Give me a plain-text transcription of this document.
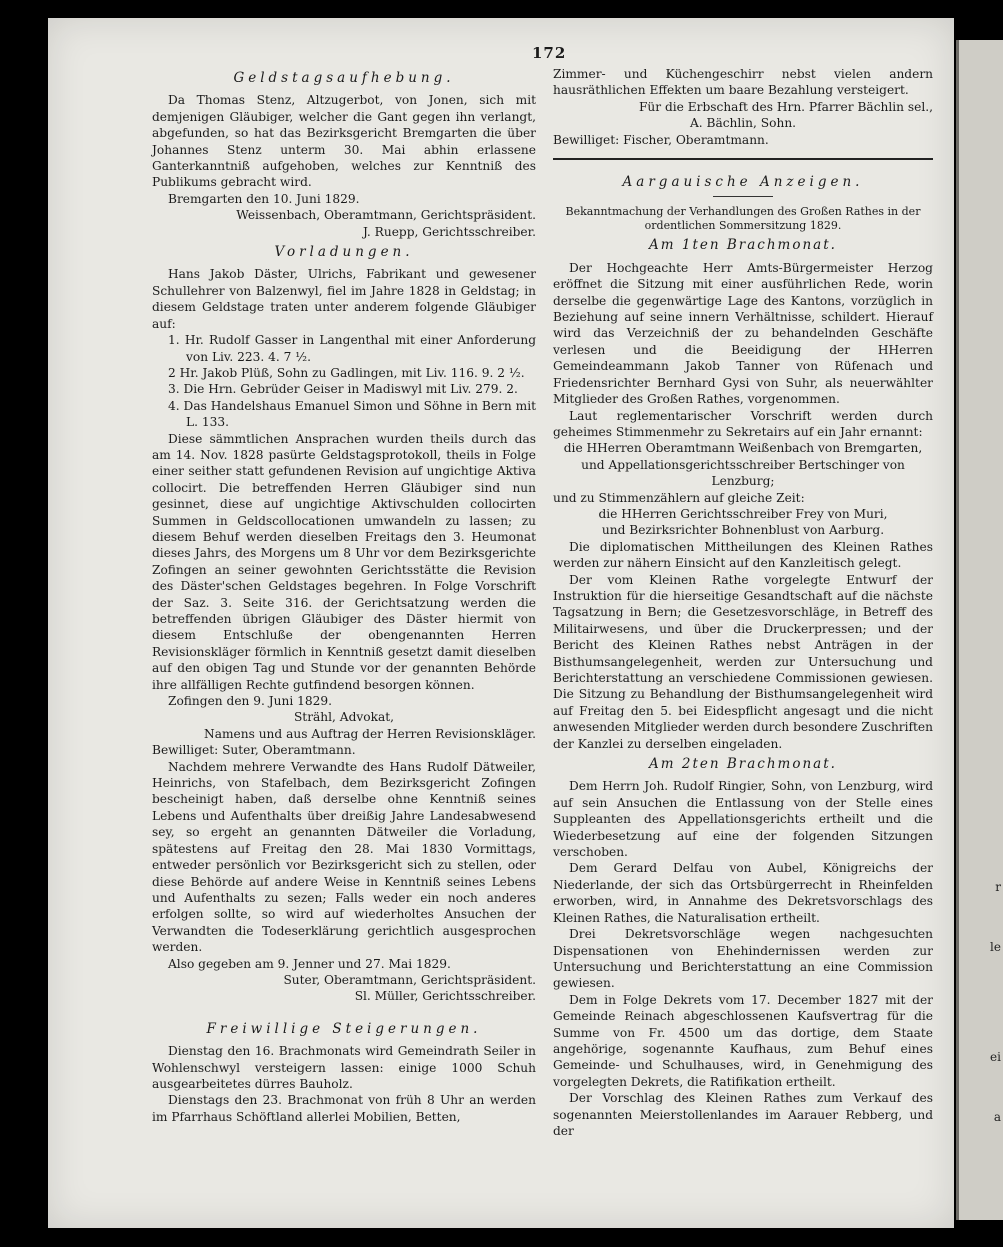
r
le
ei
a
172

Geldstagsaufhebung.

Da Thomas Stenz, Altzugerbot, von Jonen, sich mit demjenigen Gläubiger, welcher die Gant gegen ihn verlangt, abgefunden, so hat das Bezirksgericht Bremgarten die über Johannes Stenz unterm 30. Mai abhin erlassene Ganterkanntniß aufgehoben, welches zur Kenntniß des Publikums gebracht wird.

Bremgarten den 10. Juni 1829.

Weissenbach, Oberamtmann, Gerichtspräsident.

J. Ruepp, Gerichtsschreiber.

Vorladungen.

Hans Jakob Däster, Ulrichs, Fabrikant und gewesener Schullehrer von Balzenwyl, fiel im Jahre 1828 in Geldstag; in diesem Geldstage traten unter anderem folgende Gläubiger auf:

1. Hr. Rudolf Gasser in Langenthal mit einer Anforderung von Liv. 223. 4. 7 ½.

2 Hr. Jakob Plüß, Sohn zu Gadlingen, mit Liv. 116. 9. 2 ½.

3. Die Hrn. Gebrüder Geiser in Madiswyl mit Liv. 279. 2.

4. Das Handelshaus Emanuel Simon und Söhne in Bern mit L. 133.

Diese sämmtlichen Ansprachen wurden theils durch das am 14. Nov. 1828 pasürte Geldstagsprotokoll, theils in Folge einer seither statt gefundenen Revision auf ungichtige Aktiva collocirt. Die betreffenden Herren Gläubiger sind nun gesinnet, diese auf ungichtige Aktivschulden collocirten Summen in Geldscollocationen umwandeln zu lassen; zu diesem Behuf werden dieselben Freitags den 3. Heumonat dieses Jahrs, des Morgens um 8 Uhr vor dem Bezirksgerichte Zofingen an seiner gewohnten Gerichtsstätte die Revision des Däster'schen Geldstages begehren. In Folge Vorschrift der Saz. 3. Seite 316. der Gerichtsatzung werden die betreffenden übrigen Gläubiger des Däster hiermit von diesem Entschluße der obengenannten Herren Revisionskläger förmlich in Kenntniß gesetzt damit dieselben auf den obigen Tag und Stunde vor der genannten Behörde ihre allfälligen Rechte gutfindend besorgen können.

Zofingen den 9. Juni 1829.

Strähl, Advokat,

Namens und aus Auftrag der Herren Revisionskläger.

Bewilliget: Suter, Oberamtmann.

Nachdem mehrere Verwandte des Hans Rudolf Dätweiler, Heinrichs, von Stafelbach, dem Bezirksgericht Zofingen bescheinigt haben, daß derselbe ohne Kenntniß seines Lebens und Aufenthalts über dreißig Jahre Landesabwesend sey, so ergeht an genannten Dätweiler die Vorladung, spätestens auf Freitag den 28. Mai 1830 Vormittags, entweder persönlich vor Bezirksgericht sich zu stellen, oder diese Behörde auf andere Weise in Kenntniß seines Lebens und Aufenthalts zu sezen; Falls weder ein noch anderes erfolgen sollte, so wird auf wiederholtes Ansuchen der Verwandten die Todeserklärung gerichtlich ausgesprochen werden.

Also gegeben am 9. Jenner und 27. Mai 1829.

Suter, Oberamtmann, Gerichtspräsident.

Sl. Müller, Gerichtsschreiber.

Freiwillige Steigerungen.

Dienstag den 16. Brachmonats wird Gemeindrath Seiler in Wohlenschwyl versteigern lassen: einige 1000 Schuh ausgearbeitetes dürres Bauholz.

Dienstags den 23. Brachmonat von früh 8 Uhr an werden im Pfarrhaus Schöftland allerlei Mobilien, Betten,

Zimmer- und Küchengeschirr nebst vielen andern hausräthlichen Effekten um baare Bezahlung versteigert.

Für die Erbschaft des Hrn. Pfarrer Bächlin sel.,

A. Bächlin, Sohn.

Bewilliget: Fischer, Oberamtmann.

Aargauische Anzeigen.

Bekanntmachung der Verhandlungen des Großen Rathes in der ordentlichen Sommersitzung 1829.

Am 1ten Brachmonat.

Der Hochgeachte Herr Amts-Bürgermeister Herzog eröffnet die Sitzung mit einer ausführlichen Rede, worin derselbe die gegenwärtige Lage des Kantons, vorzüglich in Beziehung auf seine innern Verhältnisse, schildert. Hierauf wird das Verzeichniß der zu behandelnden Geschäfte verlesen und die Beeidigung der HHerren Gemeindeammann Jakob Tanner von Rüfenach und Friedensrichter Bernhard Gysi von Suhr, als neuerwählter Mitglieder des Großen Rathes, vorgenommen.

Laut reglementarischer Vorschrift werden durch geheimes Stimmenmehr zu Sekretairs auf ein Jahr ernannt:

die HHerren Oberamtmann Weißenbach von Bremgarten,

und Appellationsgerichtsschreiber Bertschinger von Lenzburg;

und zu Stimmenzählern auf gleiche Zeit:

die HHerren Gerichtsschreiber Frey von Muri,

und Bezirksrichter Bohnenblust von Aarburg.

Die diplomatischen Mittheilungen des Kleinen Rathes werden zur nähern Einsicht auf den Kanzleitisch gelegt.

Der vom Kleinen Rathe vorgelegte Entwurf der Instruktion für die hierseitige Gesandtschaft auf die nächste Tagsatzung in Bern; die Gesetzesvorschläge, in Betreff des Militairwesens, und über die Druckerpressen; und der Bericht des Kleinen Rathes nebst Anträgen in der Bisthumsangelegenheit, werden zur Untersuchung und Berichterstattung an verschiedene Commissionen gewiesen. Die Sitzung zu Behandlung der Bisthumsangelegenheit wird auf Freitag den 5. bei Eidespflicht angesagt und die nicht anwesenden Mitglieder werden durch besondere Zuschriften der Kanzlei zu derselben eingeladen.

Am 2ten Brachmonat.

Dem Herrn Joh. Rudolf Ringier, Sohn, von Lenzburg, wird auf sein Ansuchen die Entlassung von der Stelle eines Suppleanten des Appellationsgerichts ertheilt und die Wiederbesetzung auf eine der folgenden Sitzungen verschoben.

Dem Gerard Delfau von Aubel, Königreichs der Niederlande, der sich das Ortsbürgerrecht in Rheinfelden erworben, wird, in Annahme des Dekretsvorschlags des Kleinen Rathes, die Naturalisation ertheilt.

Drei Dekretsvorschläge wegen nachgesuchten Dispensationen von Ehehindernissen werden zur Untersuchung und Berichterstattung an eine Commission gewiesen.

Dem in Folge Dekrets vom 17. December 1827 mit der Gemeinde Reinach abgeschlossenen Kaufsvertrag für die Summe von Fr. 4500 um das dortige, dem Staate angehörige, sogenannte Kaufhaus, zum Behuf eines Gemeinde- und Schulhauses, wird, in Genehmigung des vorgelegten Dekrets, die Ratifikation ertheilt.

Der Vorschlag des Kleinen Rathes zum Verkauf des sogenannten Meierstollenlandes im Aarauer Rebberg, und der
